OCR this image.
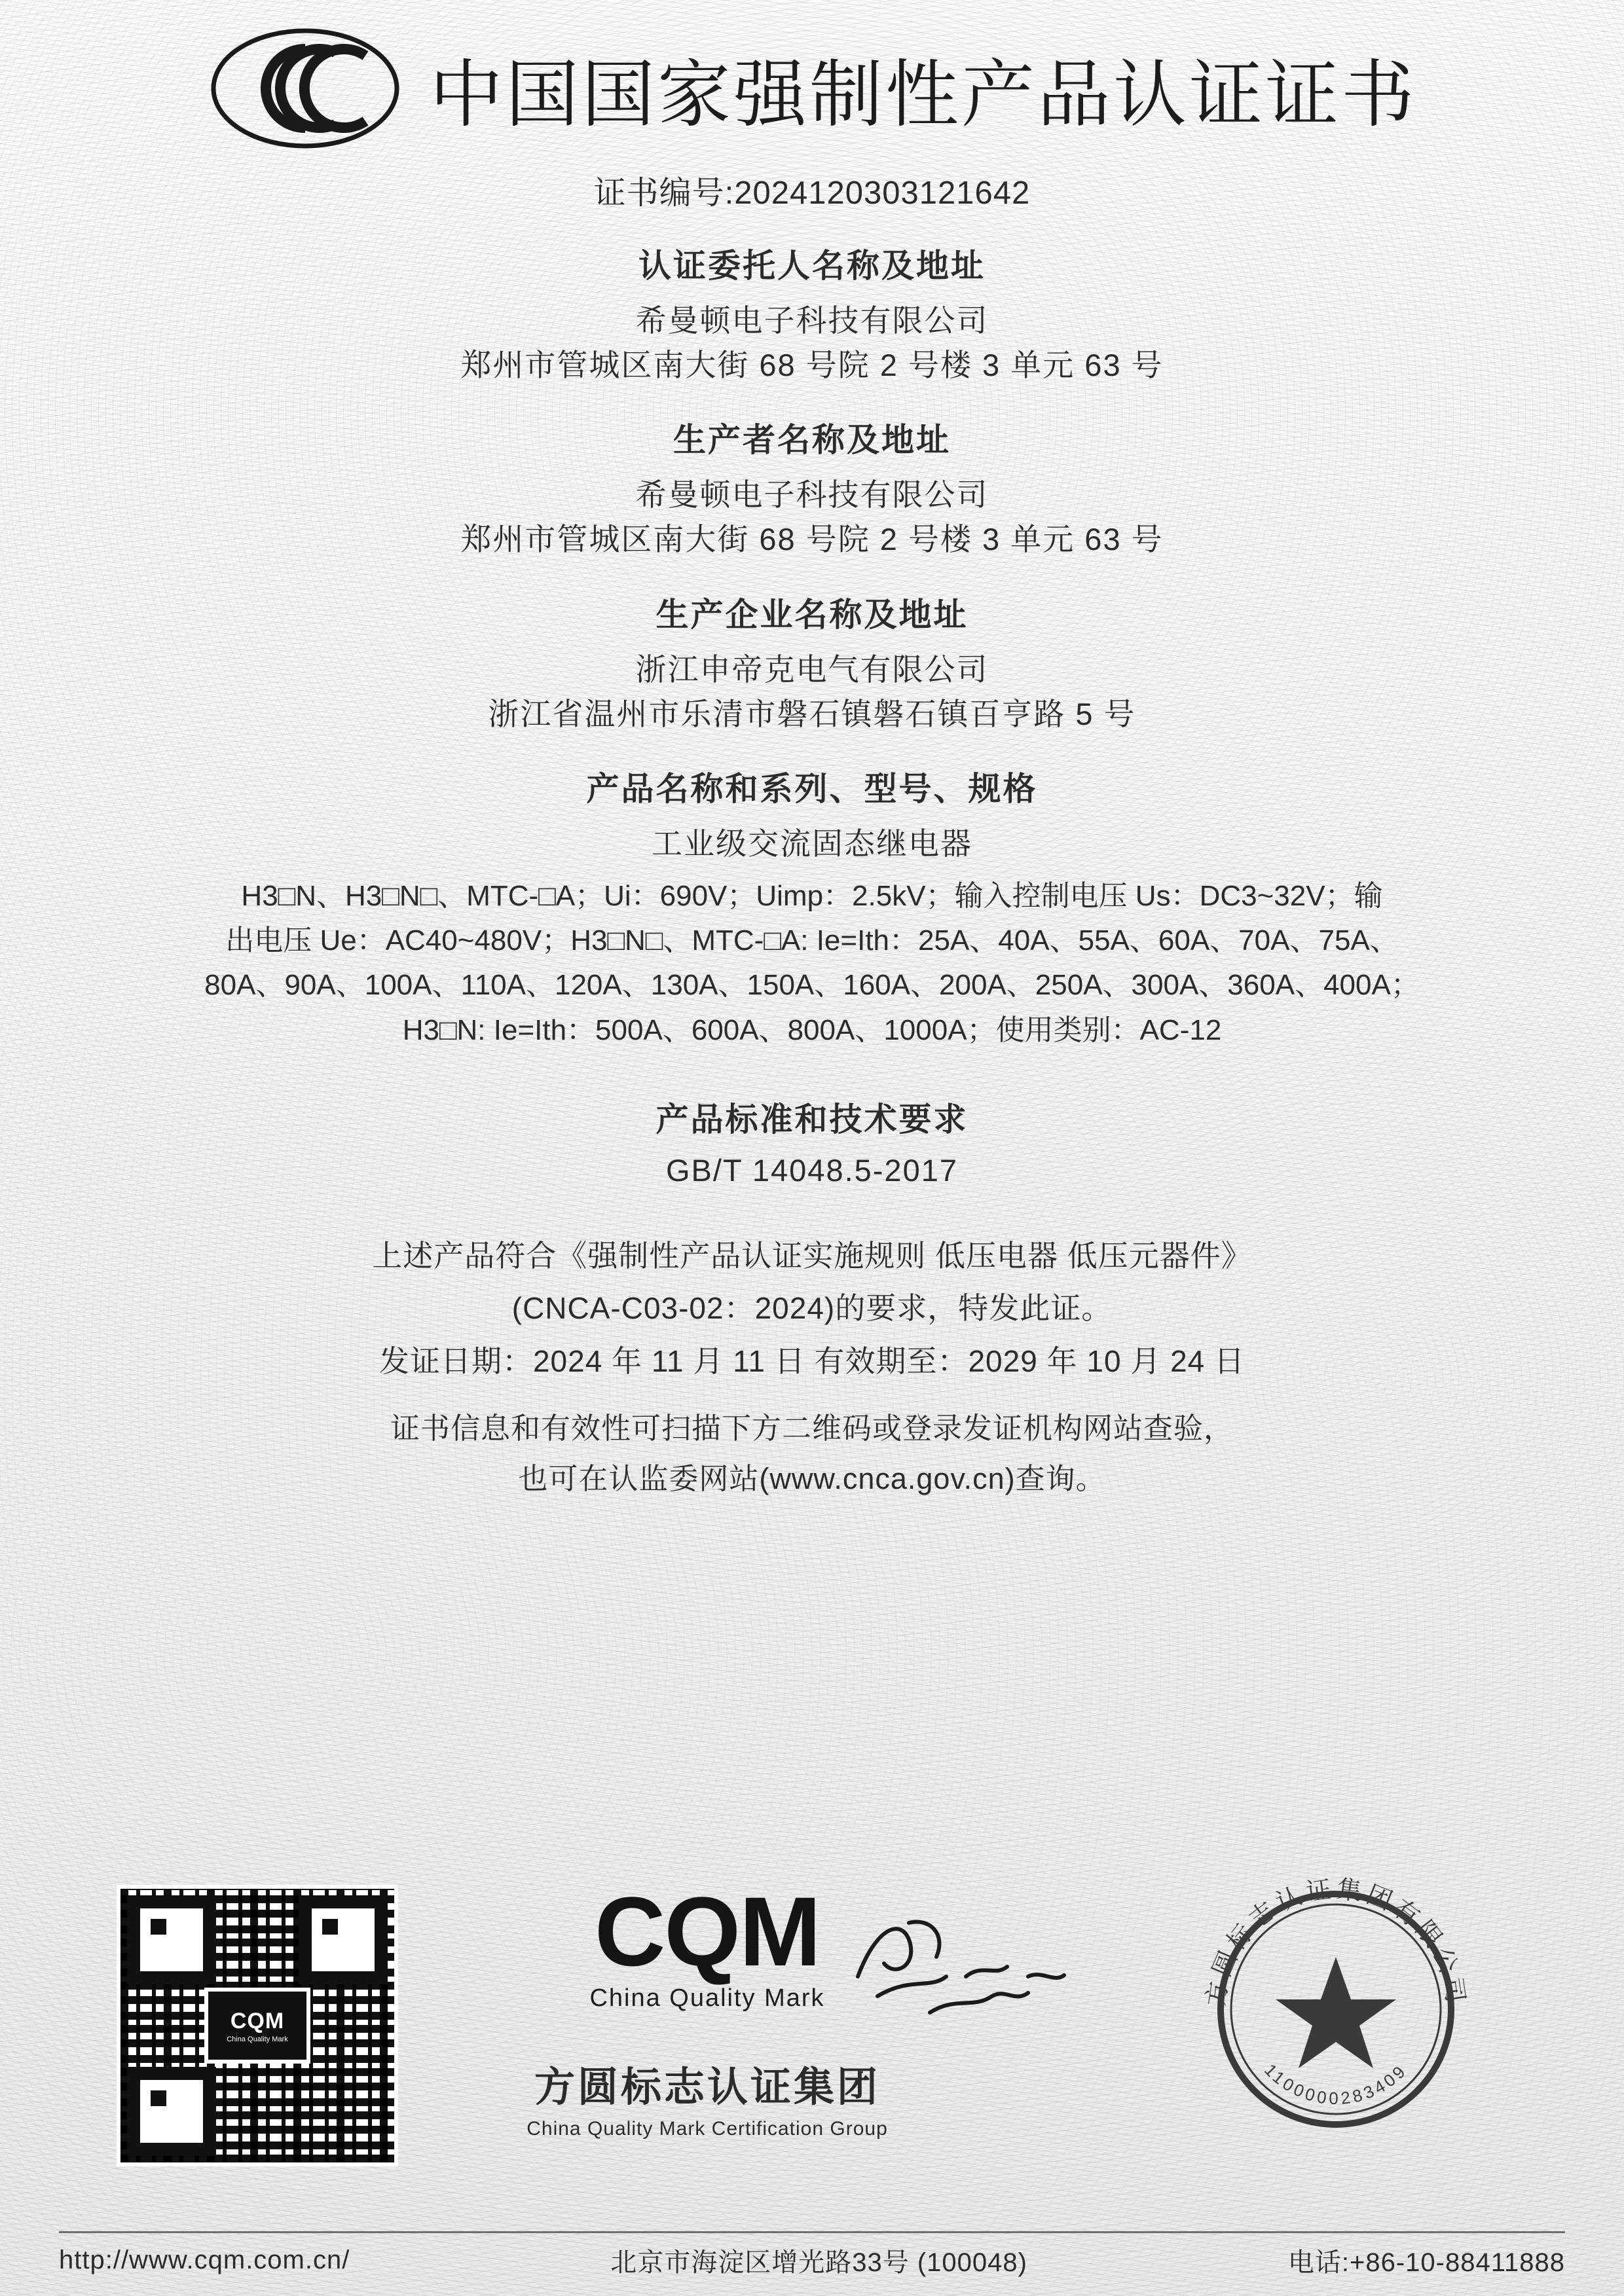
中国国家强制性产品认证证书
证书编号:2024120303121642
认证委托人名称及地址
希曼顿电子科技有限公司
郑州市管城区南大街 68 号院 2 号楼 3 单元 63 号
生产者名称及地址
希曼顿电子科技有限公司
郑州市管城区南大街 68 号院 2 号楼 3 单元 63 号
生产企业名称及地址
浙江申帝克电气有限公司
浙江省温州市乐清市磐石镇磐石镇百亨路 5 号
产品名称和系列、型号、规格
工业级交流固态继电器
H3□N、H3□N□、MTC-□A；Ui：690V；Uimp：2.5kV；输入控制电压 Us：DC3~32V；输
出电压 Ue：AC40~480V；H3□N□、MTC-□A: Ie=Ith：25A、40A、55A、60A、70A、75A、
80A、90A、100A、110A、120A、130A、150A、160A、200A、250A、300A、360A、400A；
H3□N: Ie=Ith：500A、600A、800A、1000A；使用类别：AC-12
产品标准和技术要求
GB/T 14048.5-2017

上述产品符合《强制性产品认证实施规则 低压电器 低压元器件》

(CNCA-C03-02：2024)的要求，特发此证。

发证日期：2024 年 11 月 11 日 有效期至：2029 年 10 月 24 日

证书信息和有效性可扫描下方二维码或登录发证机构网站查验，

也可在认监委网站(www.cnca.gov.cn)查询。

CQM
China Quality Mark
CQM
China Quality Mark
方圆标志认证集团
China Quality Mark Certification Group
方圆标志认证集团有限公司
1100000283409
http://www.cqm.com.cn/	北京市海淀区增光路33号 (100048)	电话:+86-10-88411888
